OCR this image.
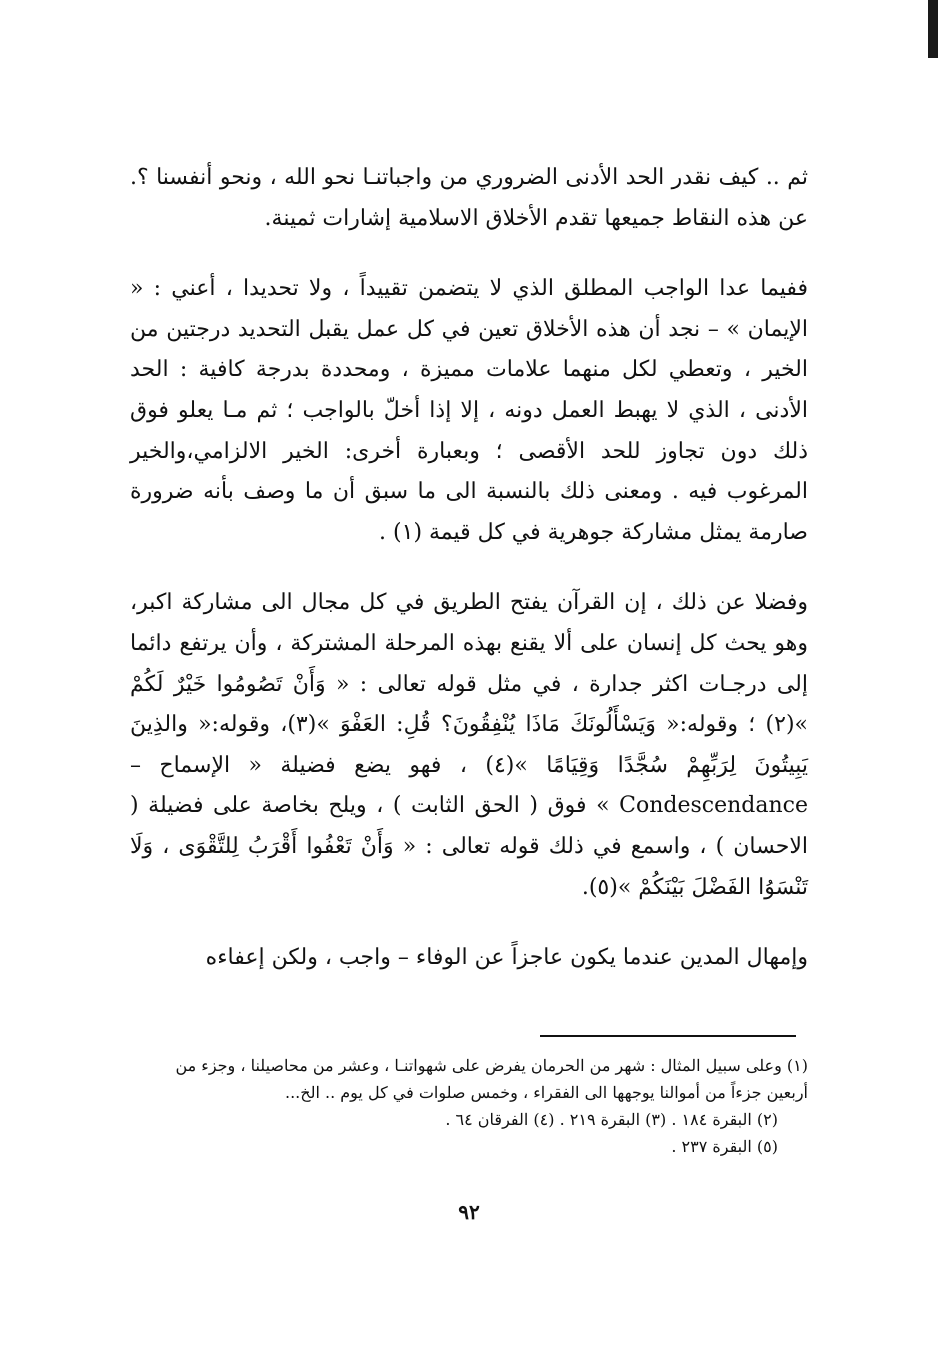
ثم .. كيف نقدر الحد الأدنى الضروري من واجباتنـا نحو الله ، ونحو أنفسنا ؟. عن هذه النقاط جميعها تقدم الأخلاق الاسلامية إشارات ثمينة.

ففيما عدا الواجب المطلق الذي لا يتضمن تقييداً ، ولا تحديدا ، أعني : « الإيمان » – نجد أن هذه الأخلاق تعين في كل عمل يقبل التحديد درجتين من الخير ، وتعطي لكل منهما علامات مميزة ، ومحددة بدرجة كافية : الحد الأدنى ، الذي لا يهبط العمل دونه ، إلا إذا أخلّ بالواجب ؛ ثم مـا يعلو فوق ذلك دون تجاوز للحد الأقصى ؛ وبعبارة أخرى: الخير الالزامي،والخير المرغوب فيه . ومعنى ذلك بالنسبة الى ما سبق أن ما وصف بأنه ضرورة صارمة يمثل مشاركة جوهرية في كل قيمة (١) .

وفضلا عن ذلك ، إن القرآن يفتح الطريق في كل مجال الى مشاركة اكبر، وهو يحث كل إنسان على ألا يقنع بهذه المرحلة المشتركة ، وأن يرتفع دائما إلى درجـات اكثر جدارة ، في مثل قوله تعالى : « وَأَنْ تَصُومُوا خَيْرٌ لَكُمْ »(٢) ؛ وقوله:« وَيَسْأَلُونَكَ مَاذَا يُنْفِقُونَ؟ قُلِ: العَفْوَ »(٣)، وقوله:« والذِينَ يَبِيتُونَ لِرَبِّهِمْ سُجَّدًا وَقِيَامًا »(٤) ، فهو يضع فضيلة « الإسماح – Condescendance » فوق ( الحق الثابت ) ، ويلح بخاصة على فضيلة ( الاحسان ) ، واسمع في ذلك قوله تعالى : « وَأَنْ تَعْفُوا أَقْرَبُ لِلتَّقْوَى ، وَلَا تَنْسَوُا الفَضْلَ بَيْنَكُمْ »(٥).

وإمهال المدين عندما يكون عاجزاً عن الوفاء – واجب ، ولكن إعفاءه

(١) وعلى سبيل المثال : شهر من الحرمان يفرض على شهواتنـا ، وعشر من محاصيلنا ، وجزء من أربعين جزءاً من أموالنا يوجهها الى الفقراء ، وخمس صلوات في كل يوم .. الخ...

(٢) البقرة ١٨٤ . (٣) البقرة ٢١٩ . (٤) الفرقان ٦٤ .

(٥) البقرة ٢٣٧ .

٩٢
